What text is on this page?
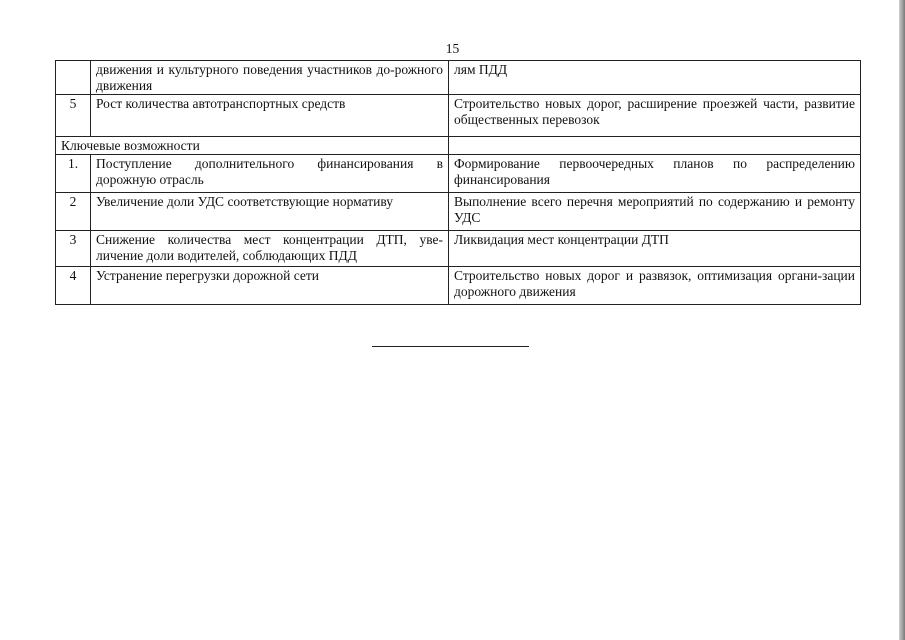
15
	движения и культурного поведения участников до-рожного движения	лям ПДД
5	Рост количества автотранспортных средств	Строительство новых дорог, расширение проезжей части, развитие общественных перевозок
Ключевые возможности		
1.	Поступление дополнительного финансирования в дорожную отрасль	Формирование первоочередных планов по распределению финансирования
2	Увеличение доли УДС соответствующие нормативу	Выполнение всего перечня мероприятий по содержанию и ремонту УДС
3	Снижение количества мест концентрации ДТП, уве-личение доли водителей, соблюдающих ПДД	Ликвидация мест концентрации ДТП
4	Устранение перегрузки дорожной сети	Строительство новых дорог и развязок, оптимизация органи-зации дорожного движения
